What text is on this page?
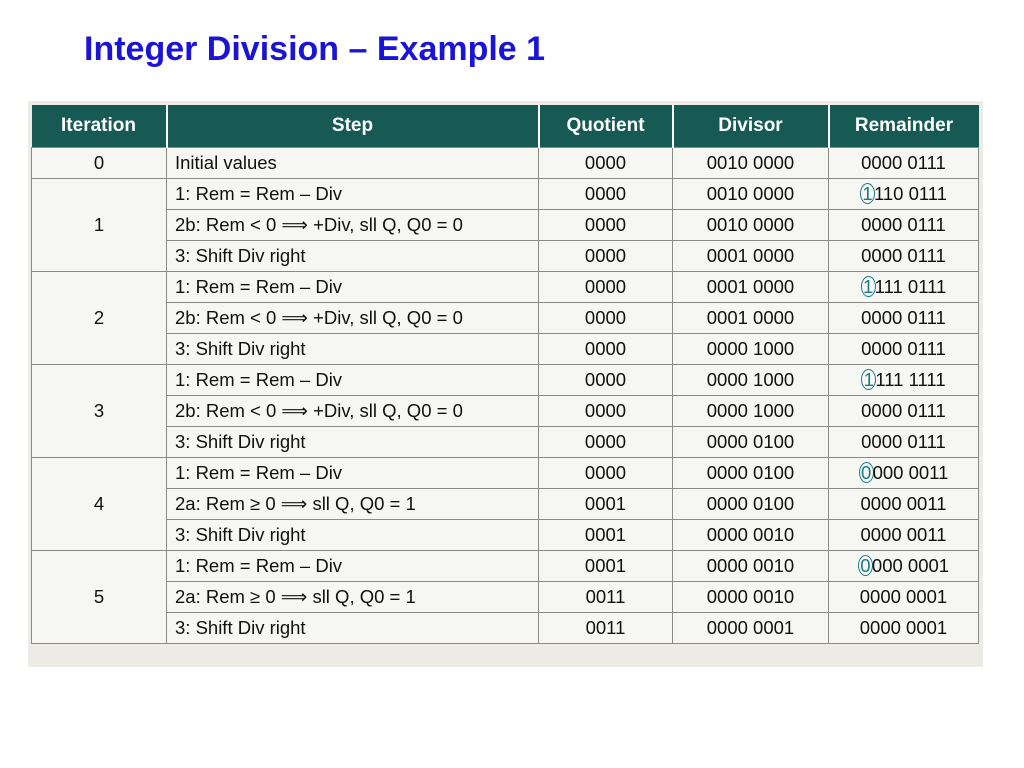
Integer Division – Example 1
Iteration	Step	Quotient	Divisor	Remainder
0	Initial values	0000	0010 0000	0000 0111
1	1: Rem = Rem – Div	0000	0010 0000	1110 0111
	2b: Rem < 0 ⟹ +Div, sll Q, Q0 = 0	0000	0010 0000	0000 0111
	3: Shift Div right	0000	0001 0000	0000 0111
2	1: Rem = Rem – Div	0000	0001 0000	1111 0111
	2b: Rem < 0 ⟹ +Div, sll Q, Q0 = 0	0000	0001 0000	0000 0111
	3: Shift Div right	0000	0000 1000	0000 0111
3	1: Rem = Rem – Div	0000	0000 1000	1111 1111
	2b: Rem < 0 ⟹ +Div, sll Q, Q0 = 0	0000	0000 1000	0000 0111
	3: Shift Div right	0000	0000 0100	0000 0111
4	1: Rem = Rem – Div	0000	0000 0100	0000 0011
	2a: Rem ≥ 0 ⟹ sll Q, Q0 = 1	0001	0000 0100	0000 0011
	3: Shift Div right	0001	0000 0010	0000 0011
5	1: Rem = Rem – Div	0001	0000 0010	0000 0001
	2a: Rem ≥ 0 ⟹ sll Q, Q0 = 1	0011	0000 0010	0000 0001
	3: Shift Div right	0011	0000 0001	0000 0001
